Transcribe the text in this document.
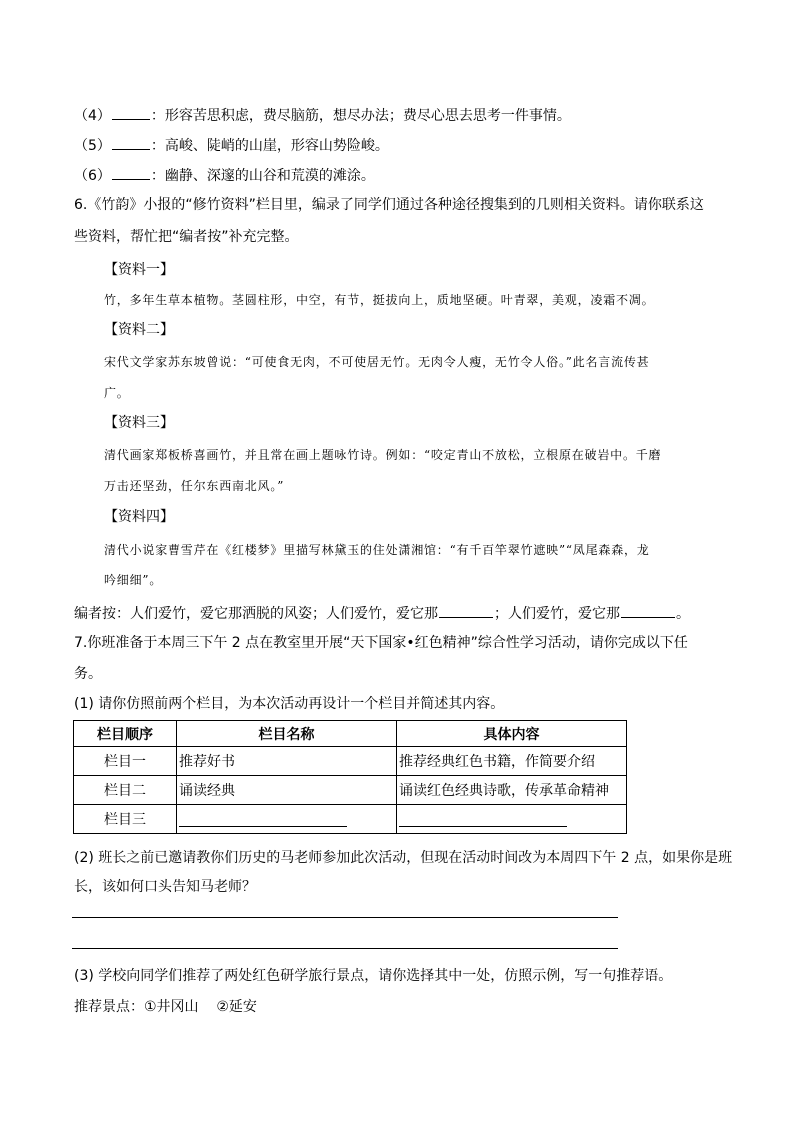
（4）	：形容苦思积虑，费尽脑筋，想尽办法；费尽心思去思考一件事情。
（5）	：高峻、陡峭的山崖，形容山势险峻。
（6）	：幽静、深邃的山谷和荒漠的滩涂。
6.《竹韵》小报的“修竹资料”栏目里，编录了同学们通过各种途径搜集到的几则相关资料。请你联系这
些资料，帮忙把“编者按”补充完整。
【资料一】
竹，多年生草本植物。茎圆柱形，中空，有节，挺拔向上，质地坚硬。叶青翠，美观，凌霜不凋。
【资料二】
宋代文学家苏东坡曾说：“可使食无肉，不可使居无竹。无肉令人瘦，无竹令人俗。”此名言流传甚
广。
【资料三】
清代画家郑板桥喜画竹，并且常在画上题咏竹诗。例如：“咬定青山不放松，立根原在破岩中。千磨
万击还坚劲，任尔东西南北风。”
【资料四】
清代小说家曹雪芹在《红楼梦》里描写林黛玉的住处潇湘馆：“有千百竿翠竹遮映”“凤尾森森，龙
吟细细”。
编者按：人们爱竹，爱它那洒脱的风姿；人们爱竹，爱它那	；人们爱竹，爱它那	。
7.你班准备于本周三下午 2 点在教室里开展“天下国家•红色精神”综合性学习活动，请你完成以下任
务。
(1) 请你仿照前两个栏目，为本次活动再设计一个栏目并简述其内容。
栏目顺序	栏目名称	具体内容
栏目一	推荐好书	推荐经典红色书籍，作简要介绍
栏目二	诵读经典	诵读红色经典诗歌，传承革命精神
栏目三		
(2) 班长之前已邀请教你们历史的马老师参加此次活动，但现在活动时间改为本周四下午 2 点，如果你是班
长，该如何口头告知马老师？
(3) 学校向同学们推荐了两处红色研学旅行景点，请你选择其中一处，仿照示例，写一句推荐语。
推荐景点：①井冈山    ②延安
